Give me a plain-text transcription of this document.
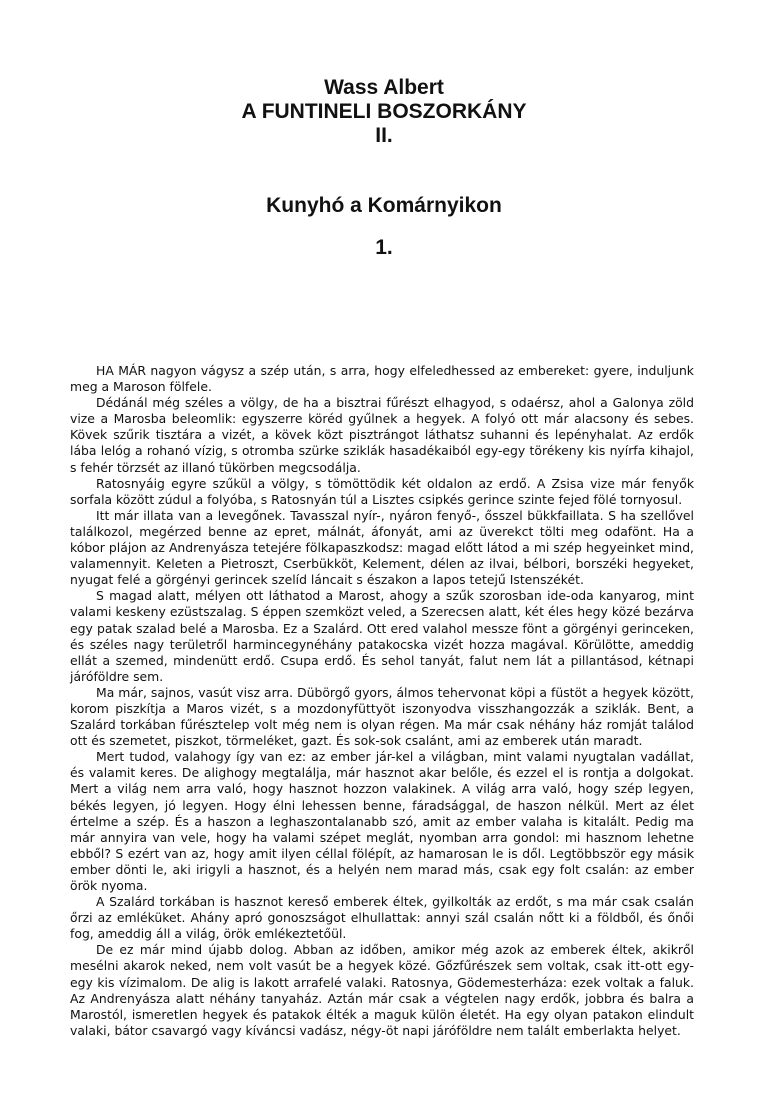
Wass Albert
A FUNTINELI BOSZORKÁNY
II.
Kunyhó a Komárnyikon
1.

HA MÁR nagyon vágysz a szép után, s arra, hogy elfeledhessed az embereket: gyere, induljunk meg a Maroson fölfele.

Dédánál még széles a völgy, de ha a bisztrai fűrészt elhagyod, s odaérsz, ahol a Galonya zöld vize a Marosba beleomlik: egyszerre köréd gyűlnek a hegyek. A folyó ott már alacsony és sebes. Kövek szűrik tisztára a vizét, a kövek közt pisztrángot láthatsz suhanni és lepényhalat. Az erdők lába lelóg a rohanó vízig, s otromba szürke sziklák hasadékaiból egy-egy törékeny kis nyírfa kihajol, s fehér törzsét az illanó tükörben megcsodálja.

Ratosnyáig egyre szűkül a völgy, s tömöttödik két oldalon az erdő. A Zsisa vize már fenyők sorfala között zúdul a folyóba, s Ratosnyán túl a Lisztes csipkés gerince szinte fejed fölé tornyosul.

Itt már illata van a levegőnek. Tavasszal nyír-, nyáron fenyő-, ősszel bükkfaillata. S ha szellővel találkozol, megérzed benne az epret, málnát, áfonyát, ami az üverekct tölti meg odafönt. Ha a kóbor plájon az Andrenyásza tetejére fölkapaszkodsz: magad előtt látod a mi szép hegyeinket mind, valamennyit. Keleten a Pietroszt, Cserbükköt, Kelement, délen az ilvai, bélbori, borszéki hegyeket, nyugat felé a görgényi gerincek szelíd láncait s északon a lapos tetejű Istenszékét.

S magad alatt, mélyen ott láthatod a Marost, ahogy a szűk szorosban ide-oda kanyarog, mint valami keskeny ezüstszalag. S éppen szemközt veled, a Szerecsen alatt, két éles hegy közé bezárva egy patak szalad belé a Marosba. Ez a Szalárd. Ott ered valahol messze fönt a görgényi gerinceken, és széles nagy területről harmincegynéhány patakocska vizét hozza magával. Körülötte, ameddig ellát a szemed, mindenütt erdő. Csupa erdő. És sehol tanyát, falut nem lát a pillantásod, kétnapi járóföldre sem.

Ma már, sajnos, vasút visz arra. Dübörgő gyors, álmos tehervonat köpi a füstöt a hegyek között, korom piszkítja a Maros vizét, s a mozdonyfüttyöt iszonyodva visszhangozzák a sziklák. Bent, a Szalárd torkában fűrésztelep volt még nem is olyan régen. Ma már csak néhány ház romját találod ott és szemetet, piszkot, törmeléket, gazt. És sok-sok csalánt, ami az emberek után maradt.

Mert tudod, valahogy így van ez: az ember jár-kel a világban, mint valami nyugtalan vadállat, és valamit keres. De alighogy megtalálja, már hasznot akar belőle, és ezzel el is rontja a dolgokat. Mert a világ nem arra való, hogy hasznot hozzon valakinek. A világ arra való, hogy szép legyen, békés legyen, jó legyen. Hogy élni lehessen benne, fáradsággal, de haszon nélkül. Mert az élet értelme a szép. És a haszon a leghaszontalanabb szó, amit az ember valaha is kitalált. Pedig ma már annyira van vele, hogy ha valami szépet meglát, nyomban arra gondol: mi hasznom lehetne ebből? S ezért van az, hogy amit ilyen céllal fölépít, az hamarosan le is dől. Legtöbbször egy másik ember dönti le, aki irigyli a hasznot, és a helyén nem marad más, csak egy folt csalán: az ember örök nyoma.

A Szalárd torkában is hasznot kereső emberek éltek, gyilkolták az erdőt, s ma már csak csalán őrzi az emléküket. Ahány apró gonoszságot elhullattak: annyi szál csalán nőtt ki a földből, és őnői fog, ameddig áll a világ, örök emlékeztetőül.

De ez már mind újabb dolog. Abban az időben, amikor még azok az emberek éltek, akikről mesélni akarok neked, nem volt vasút be a hegyek közé. Gőzfűrészek sem voltak, csak itt-ott egy-egy kis vízimalom. De alig is lakott arrafelé valaki. Ratosnya, Gödemesterháza: ezek voltak a faluk. Az Andrenyásza alatt néhány tanyaház. Aztán már csak a végtelen nagy erdők, jobbra és balra a Marostól, ismeretlen hegyek és patakok élték a maguk külön életét. Ha egy olyan patakon elindult valaki, bátor csavargó vagy kíváncsi vadász, négy-öt napi járóföldre nem talált emberlakta helyet.
